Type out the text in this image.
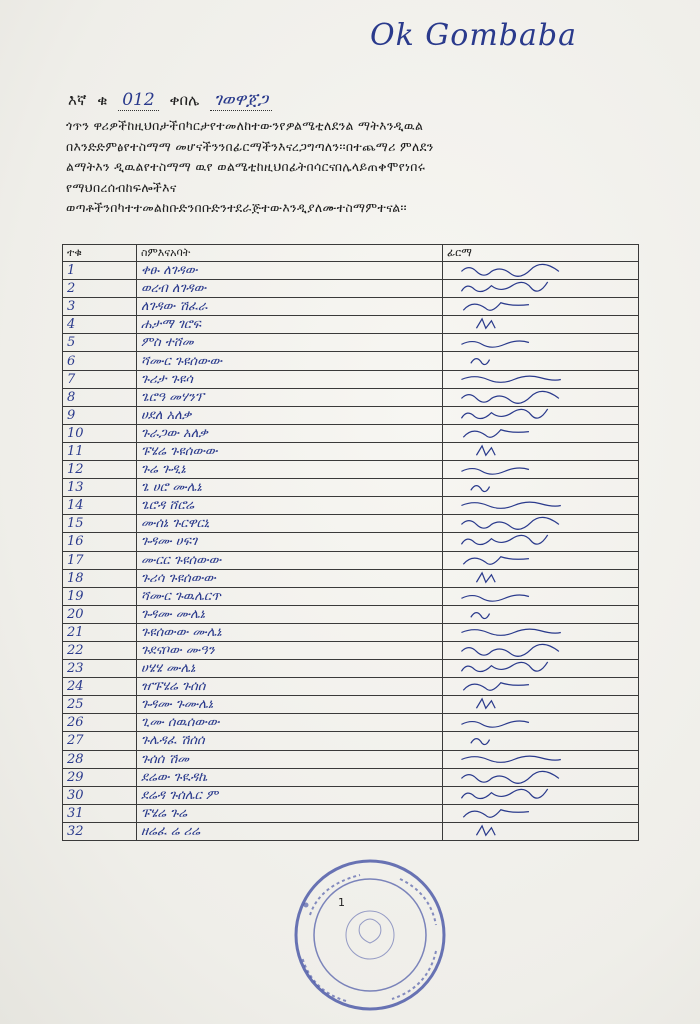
Ok Gombaba
እኛ ቁ 012 ቀበሌ ገወዋጀጋ
ጎጥን ዋሪዎችከዚህበታችበካርታየተመለከተውንየዎልሜቲለደንል ማትእንዲዉል
በእንድድምፅየተስማማ መሆናችንንበፊርማችንእናረጋግጣለን፡፡በተጨማሪ ምለደን
ልማትእን ዲዉልየተስማማ ዉየ ወልሜቲከዚህበፊትበሳርናበሌላይጠቀሞየነበሩ
የማህበረሰብከፍሎችእና
ወጣቶችንበካተተመልከቡድንበቡድንተደራጅተውእንዲያለሙተስማምተናል፡፡
ተቁ	ስምእናአባት	ፊርማ
1	ቀፁ ለገዳው	

2	ወረብ ለገዳው	

3	ለገዳው ሽፈራ	

4	ሐታማ ገሮፍ	

5	ምስ ተሸመ	

6	ሻሙር ጉዩሰውው	

7	ጉሪታ ጉዩሳ	

8	ጌሮዓ መሃንፕ	

9	ሀደለ አለቃ	

10	ጉራጋው አለቃ	

11	ፑሄሬ ጉዩሰውው	

12	ጉሬ ጉዲኔ	

13	ጌ ሀሮ ሙሌኔ	

14	ጌሮዳ ሸሮሬ	

15	ሙሰኔ ጉርዋርኒ	

16	ጉዳሙ ሀፍገ	

17	ሙርር ጉዩሰውው	

18	ጉሪሳ ጉዩሰውው	

19	ሻሙር ጉዉሌርጥ	

20	ጉዳሙ ሙሌኔ	

21	ጉዩሰውው ሙሌኔ	

22	ጉደናቦው ሙዓን	

23	ሀሄሄ ሙሌኔ	

24	ዠፑሄሬ ጉሰሰ	

25	ጉዳሙ ጉሙሌኔ	

26	ጊሙ ሰዉሰውው	

27	ጉሌዳፈ ሽሰሰ	

28	ጉሰሰ ሽመ	

29	ደሬው ጉዪዳኬ	

30	ደሬዳ ጉሰሌር ም	

31	ፑሄሬ ጉሬ	

32	ዘሬፈ ሬ ሪሬ	
1
